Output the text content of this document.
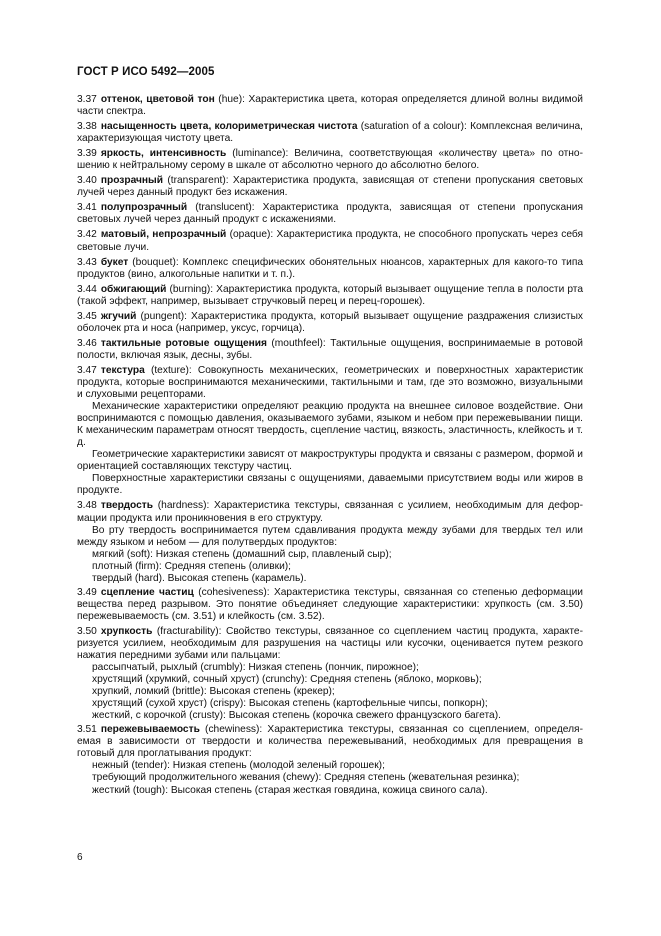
ГОСТ Р ИСО 5492—2005

3.37 оттенок, цветовой тон (hue): Характеристика цвета, которая определяется длиной волны видимой части спектра.

3.38 насыщенность цвета, колориметрическая чистота (saturation of a colour): Комплексная величина, характеризующая чистоту цвета.

3.39 яркость, интенсивность (luminance): Величина, соответствующая «количеству цвета» по отношению к нейтральному серому в шкале от абсолютно черного до абсолютно белого.

3.40 прозрачный (transparent): Характеристика продукта, зависящая от степени пропускания световых лучей через данный продукт без искажения.

3.41 полупрозрачный (translucent): Характеристика продукта, зависящая от степени пропускания световых лучей через данный продукт с искажениями.

3.42 матовый, непрозрачный (opaque): Характеристика продукта, не способного пропускать через себя световые лучи.

3.43 букет (bouquet): Комплекс специфических обонятельных нюансов, характерных для какого-то типа продуктов (вино, алкогольные напитки и т. п.).

3.44 обжигающий (burning): Характеристика продукта, который вызывает ощущение тепла в полости рта (такой эффект, например, вызывает стручковый перец и перец-горошек).

3.45 жгучий (pungent): Характеристика продукта, который вызывает ощущение раздражения слизистых оболочек рта и носа (например, уксус, горчица).

3.46 тактильные ротовые ощущения (mouthfeel): Тактильные ощущения, воспринимаемые в ротовой полости, включая язык, десны, зубы.

3.47 текстура (texture): Совокупность механических, геометрических и поверхностных характеристик продукта, которые воспринимаются механическими, тактильными и там, где это возможно, визуальными и слуховыми рецепторами.

Механические характеристики определяют реакцию продукта на внешнее силовое воздействие. Они воспринимаются с помощью давления, оказываемого зубами, языком и небом при пережевывании пищи. К механическим параметрам относят твердость, сцепление частиц, вязкость, эластичность, клейкость и т. д.

Геометрические характеристики зависят от макроструктуры продукта и связаны с размером, формой и ориентацией составляющих текстуру частиц.

Поверхностные характеристики связаны с ощущениями, даваемыми присутствием воды или жиров в продукте.

3.48 твердость (hardness): Характеристика текстуры, связанная с усилием, необходимым для деформации продукта или проникновения в его структуру.

Во рту твердость воспринимается путем сдавливания продукта между зубами для твердых тел или между языком и небом — для полутвердых продуктов:

мягкий (soft): Низкая степень (домашний сыр, плавленый сыр);

плотный (firm): Средняя степень (оливки);

твердый (hard). Высокая степень (карамель).

3.49 сцепление частиц (cohesiveness): Характеристика текстуры, связанная со степенью деформации вещества перед разрывом. Это понятие объединяет следующие характеристики: хрупкость (см. 3.50) пережевываемость (см. 3.51) и клейкость (см. 3.52).

3.50 хрупкость (fracturability): Свойство текстуры, связанное со сцеплением частиц продукта, характеризуется усилием, необходимым для разрушения на частицы или кусочки, оценивается путем резкого нажатия передними зубами или пальцами:

рассыпчатый, рыхлый (crumbly): Низкая степень (пончик, пирожное);

хрустящий (хрумкий, сочный хруст) (crunchy): Средняя степень (яблоко, морковь);

хрупкий, ломкий (brittle): Высокая степень (крекер);

хрустящий (сухой хруст) (crispy): Высокая степень (картофельные чипсы, попкорн);

жесткий, с корочкой (crusty): Высокая степень (корочка свежего французского багета).

3.51 пережевываемость (chewiness): Характеристика текстуры, связанная со сцеплением, определяемая в зависимости от твердости и количества пережевываний, необходимых для превращения в готовый для проглатывания продукт:

нежный (tender): Низкая степень (молодой зеленый горошек);

требующий продолжительного жевания (chewy): Средняя степень (жевательная резинка);

жесткий (tough): Высокая степень (старая жесткая говядина, кожица свиного сала).

6
